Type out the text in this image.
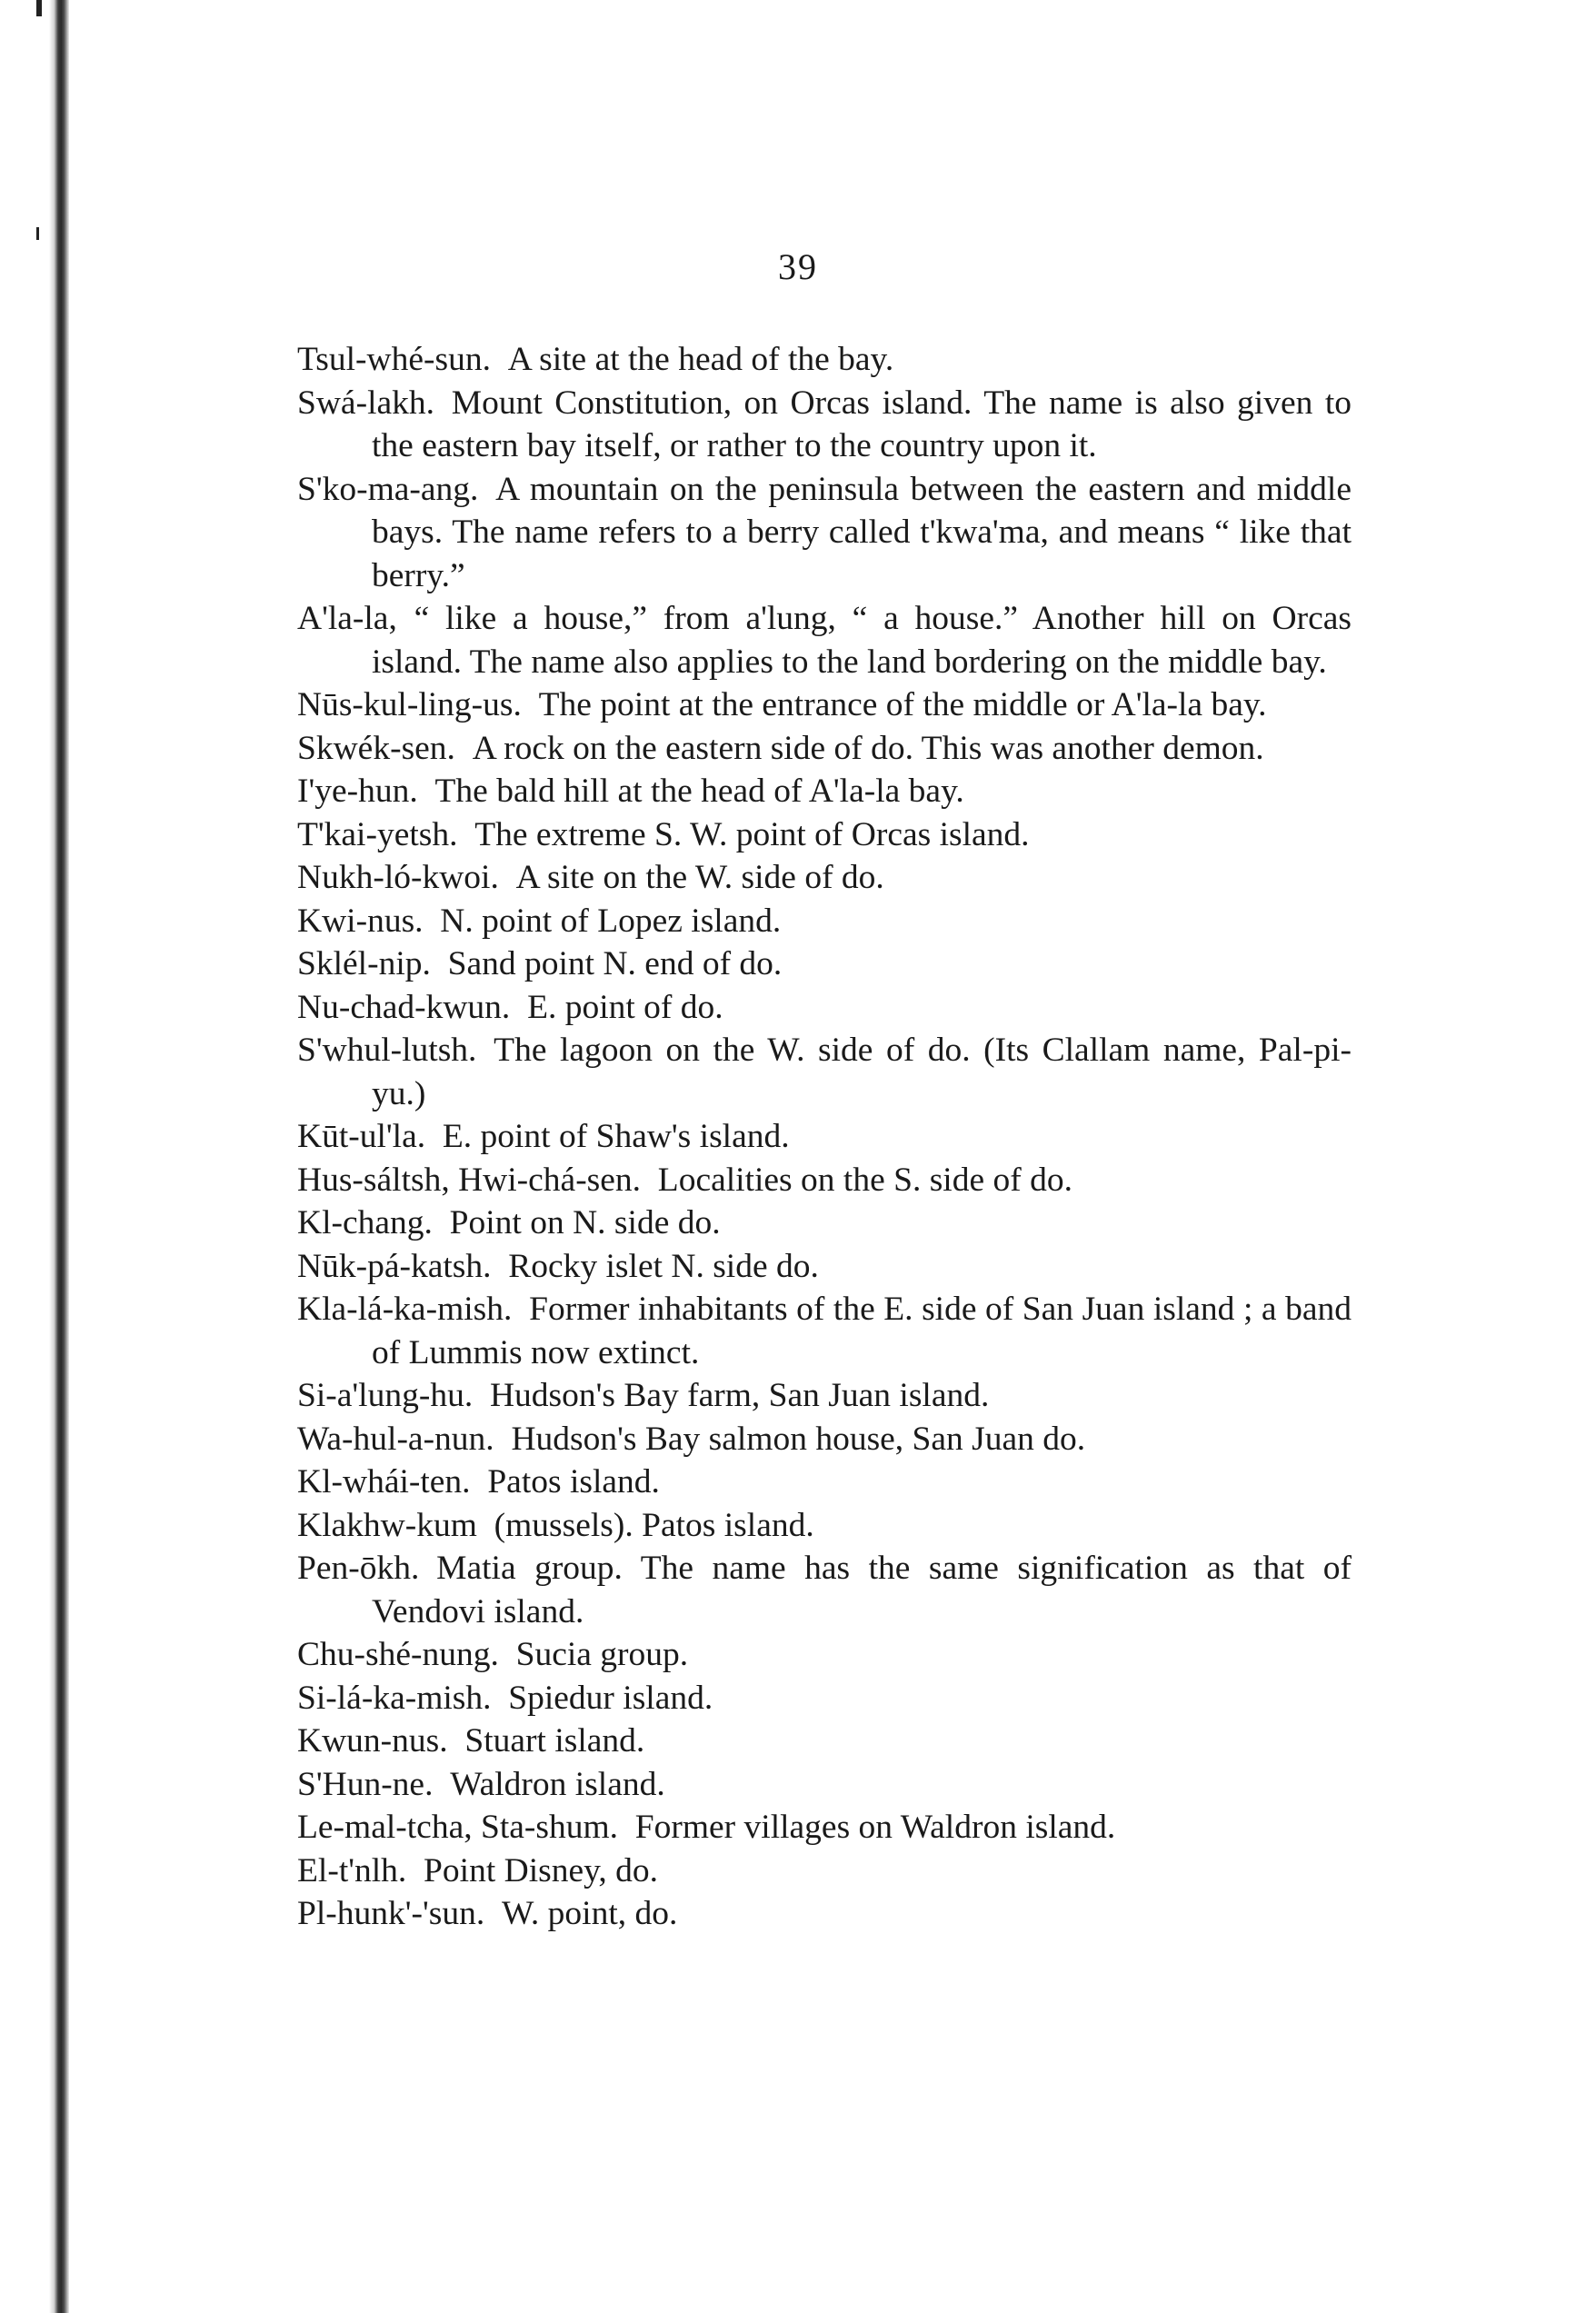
39
Tsul-whé-sun.  A site at the head of the bay.
Swá-lakh.  Mount Constitution, on Orcas island. The name is also given to the eastern bay itself, or rather to the country upon it.
S'ko-ma-ang.  A mountain on the peninsula between the eastern and middle bays. The name refers to a berry called t'kwa'ma, and means “ like that berry.”
A'la-la,  “ like a house,” from a'lung, “ a house.” Another hill on Orcas island. The name also applies to the land bordering on the middle bay.
Nūs-kul-ling-us.  The point at the entrance of the middle or A'la-la bay.
Skwék-sen.  A rock on the eastern side of do. This was another demon.
I'ye-hun.  The bald hill at the head of A'la-la bay.
T'kai-yetsh.  The extreme S. W. point of Orcas island.
Nukh-ló-kwoi.  A site on the W. side of do.
Kwi-nus.  N. point of Lopez island.
Sklél-nip.  Sand point N. end of do.
Nu-chad-kwun.  E. point of do.
S'whul-lutsh.  The lagoon on the W. side of do. (Its Clallam name, Pal-pi-yu.)
Kūt-ul'la.  E. point of Shaw's island.
Hus-sáltsh, Hwi-chá-sen.  Localities on the S. side of do.
Kl-chang.  Point on N. side do.
Nūk-pá-katsh.  Rocky islet N. side do.
Kla-lá-ka-mish.  Former inhabitants of the E. side of San Juan island ; a band of Lummis now extinct.
Si-a'lung-hu.  Hudson's Bay farm, San Juan island.
Wa-hul-a-nun.  Hudson's Bay salmon house, San Juan do.
Kl-whái-ten.  Patos island.
Klakhw-kum  (mussels). Patos island.
Pen-ōkh.  Matia group. The name has the same signification as that of Vendovi island.
Chu-shé-nung.  Sucia group.
Si-lá-ka-mish.  Spiedur island.
Kwun-nus.  Stuart island.
S'Hun-ne.  Waldron island.
Le-mal-tcha, Sta-shum.  Former villages on Waldron island.
El-t'nlh.  Point Disney, do.
Pl-hunk'-'sun.  W. point, do.
